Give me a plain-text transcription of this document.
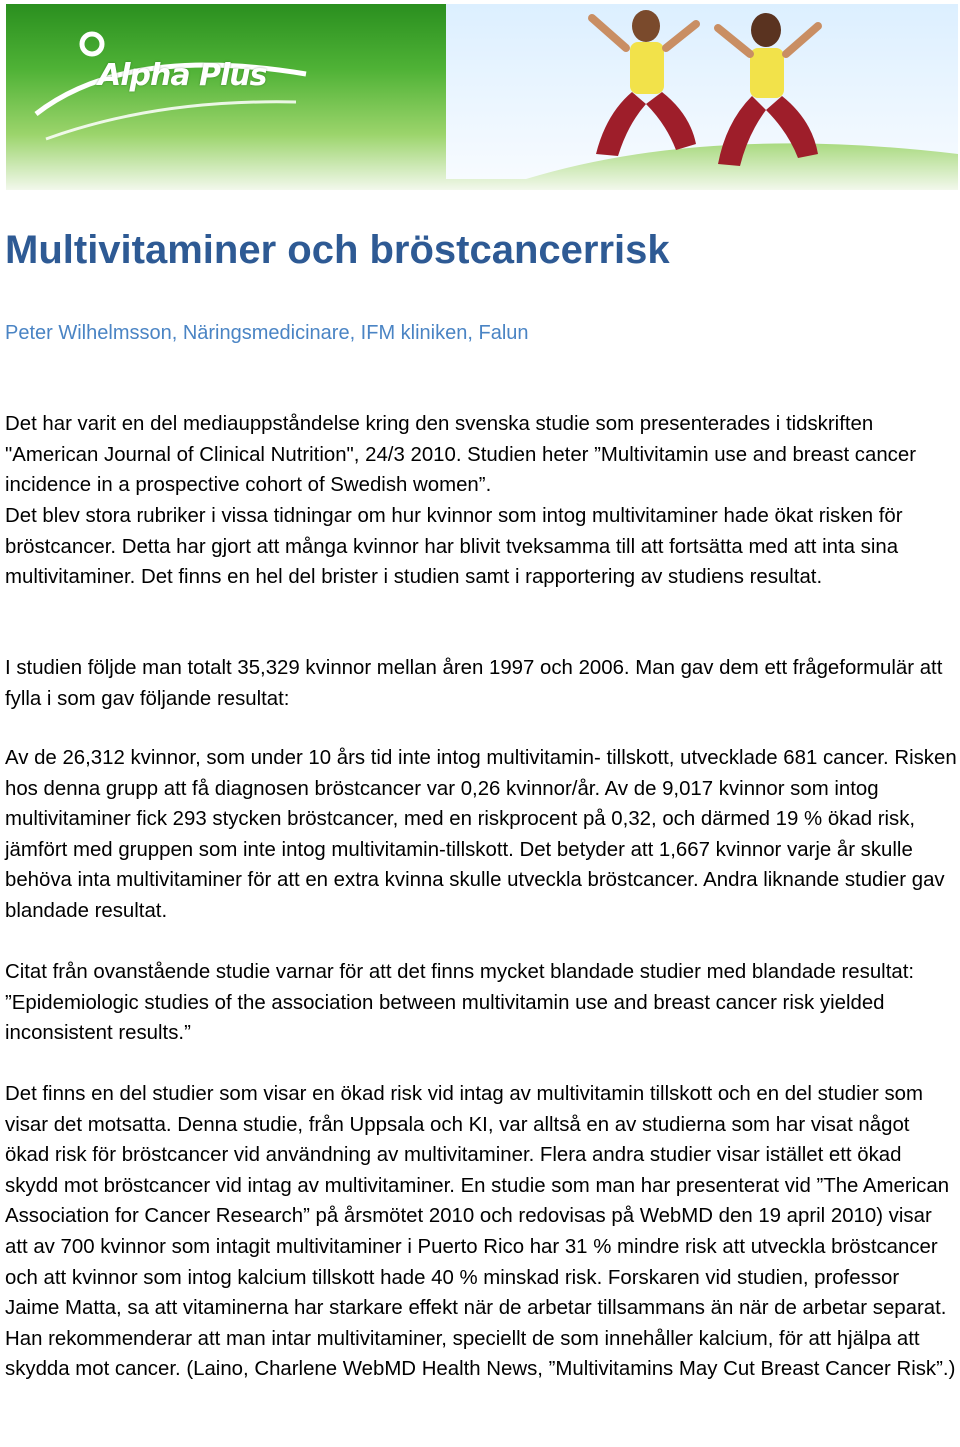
Alpha Plus
Multivitaminer och bröstcancerrisk
Peter Wilhelmsson, Näringsmedicinare, IFM kliniken, Falun

Det har varit en del mediauppståndelse kring den svenska studie som presenterades i tidskriften "American Journal of Clinical Nutrition", 24/3 2010. Studien heter ”Multivitamin use and breast cancer incidence in a prospective cohort of Swedish women”.

Det blev stora rubriker i vissa tidningar om hur kvinnor som intog multivitaminer hade ökat risken för bröstcancer. Detta har gjort att många kvinnor har blivit tveksamma till att fortsätta med att inta sina multivitaminer. Det finns en hel del brister i studien samt i rapportering av studiens resultat.

I studien följde man totalt 35,329 kvinnor mellan åren 1997 och 2006. Man gav dem ett frågeformulär att fylla i som gav följande resultat:

Av de 26,312 kvinnor, som under 10 års tid inte intog multivitamin- tillskott, utvecklade 681 cancer. Risken hos denna grupp att få diagnosen bröstcancer var 0,26 kvinnor/år. Av de 9,017 kvinnor som intog multivitaminer fick 293 stycken bröstcancer, med en riskprocent på 0,32, och därmed 19 % ökad risk, jämfört med gruppen som inte intog multivitamin-tillskott. Det betyder att 1,667 kvinnor varje år skulle behöva inta multivitaminer för att en extra kvinna skulle utveckla bröstcancer. Andra liknande studier gav blandade resultat.

Citat från ovanstående studie varnar för att det finns mycket blandade studier med blandade resultat: ”Epidemiologic studies of the association between multivitamin use and breast cancer risk yielded inconsistent results.”

Det finns en del studier som visar en ökad risk vid intag av multivitamin tillskott och en del studier som visar det motsatta. Denna studie, från Uppsala och KI, var alltså en av studierna som har visat något ökad risk för bröstcancer vid användning av multivitaminer. Flera andra studier visar istället ett ökad skydd mot bröstcancer vid intag av multivitaminer. En studie som man har presenterat vid ”The American Association for Cancer Research” på årsmötet 2010 och redovisas på WebMD den 19 april 2010) visar att av 700 kvinnor som intagit multivitaminer i Puerto Rico har 31 % mindre risk att utveckla bröstcancer och att kvinnor som intog kalcium tillskott hade 40 % minskad risk. Forskaren vid studien, professor Jaime Matta, sa att vitaminerna har starkare effekt när de arbetar tillsammans än när de arbetar separat. Han rekommenderar att man intar multivitaminer, speciellt de som innehåller kalcium, för att hjälpa att skydda mot cancer. (Laino, Charlene WebMD Health News, ”Multivitamins May Cut Breast Cancer Risk”.)
